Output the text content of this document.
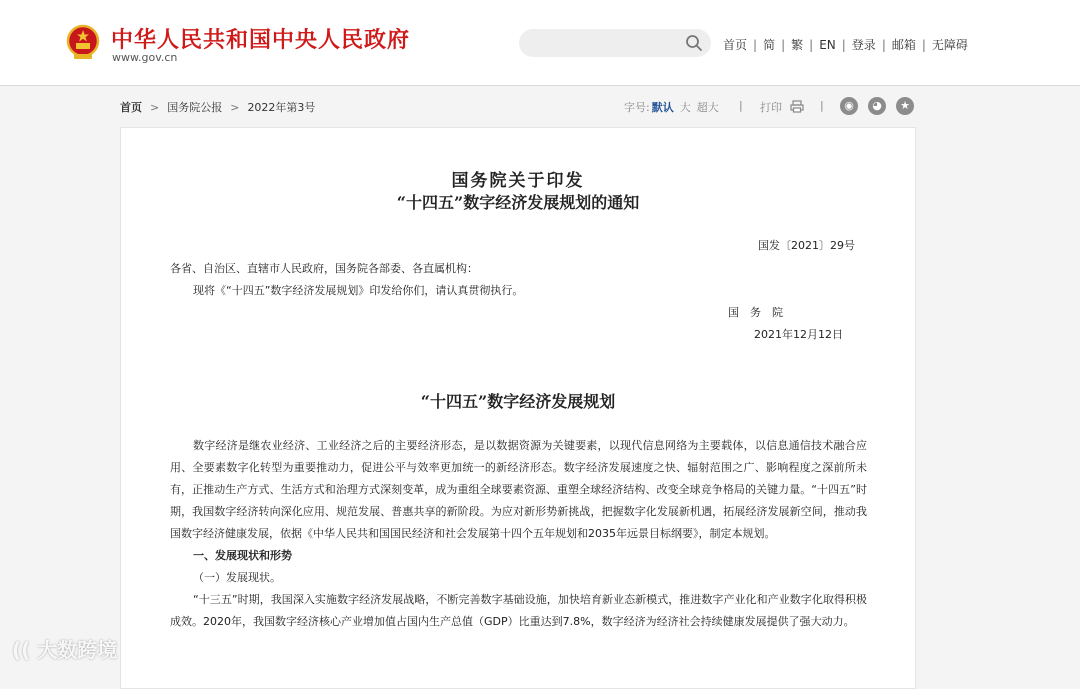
中华人民共和国中央人民政府
www.gov.cn
首页 | 简 | 繁 | EN | 登录 | 邮箱 | 无障碍
首页 > 国务院公报 > 2022年第3号	字号: 默认 大 超大	| 打印	|	◉	◕	★
国务院关于印发
“十四五”数字经济发展规划的通知
国发〔2021〕29号
各省、自治区、直辖市人民政府，国务院各部委、各直属机构：
现将《“十四五”数字经济发展规划》印发给你们，请认真贯彻执行。
国　务　院
2021年12月12日
“十四五”数字经济发展规划

数字经济是继农业经济、工业经济之后的主要经济形态，是以数据资源为关键要素，以现代信息网络为主要载体，以信息通信技术融合应用、全要素数字化转型为重要推动力，促进公平与效率更加统一的新经济形态。数字经济发展速度之快、辐射范围之广、影响程度之深前所未有，正推动生产方式、生活方式和治理方式深刻变革，成为重组全球要素资源、重塑全球经济结构、改变全球竞争格局的关键力量。“十四五”时期，我国数字经济转向深化应用、规范发展、普惠共享的新阶段。为应对新形势新挑战，把握数字化发展新机遇，拓展经济发展新空间，推动我国数字经济健康发展，依据《中华人民共和国国民经济和社会发展第十四个五年规划和2035年远景目标纲要》，制定本规划。

一、发展现状和形势

（一）发展现状。

“十三五”时期，我国深入实施数字经济发展战略，不断完善数字基础设施，加快培育新业态新模式，推进数字产业化和产业数字化取得积极成效。2020年，我国数字经济核心产业增加值占国内生产总值（GDP）比重达到7.8%，数字经济为经济社会持续健康发展提供了强大动力。

(( 大数跨境
